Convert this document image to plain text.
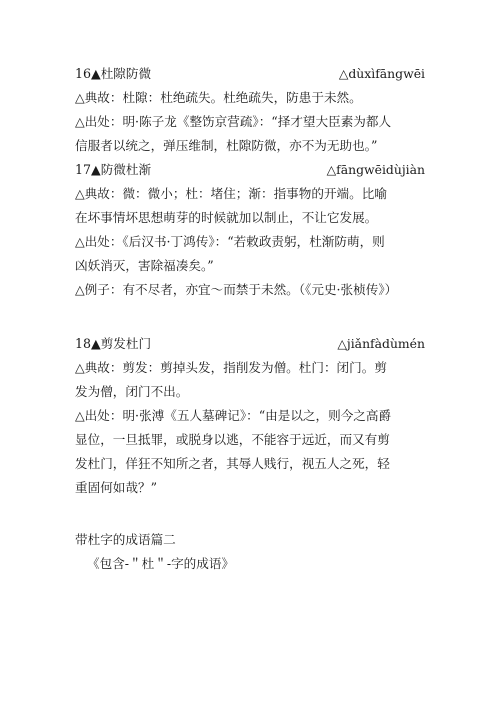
16▲杜隙防微	△dùxìfāngwēi
△典故：杜隙：杜绝疏失。杜绝疏失，防患于未然。
△出处：明·陈子龙《整饬京营疏》：“择才望大臣素为都人
信服者以统之，弹压维制，杜隙防微，亦不为无助也。”
17▲防微杜渐	△fāngwēidùjiàn
△典故：微：微小；杜：堵住；渐：指事物的开端。比喻
在坏事情坏思想萌芽的时候就加以制止，不让它发展。
△出处：《后汉书·丁鸿传》：“若敕政责躬，杜渐防萌，则
凶妖消灭，害除福凑矣。”
△例子：有不尽者，亦宜～而禁于未然。（《元史·张桢传》）
18▲剪发杜门	△jiǎnfàdùmén
△典故：剪发：剪掉头发，指削发为僧。杜门：闭门。剪
发为僧，闭门不出。
△出处：明·张溥《五人墓碑记》：“由是以之，则今之高爵
显位，一旦抵罪，或脱身以逃，不能容于远近，而又有剪
发杜门，佯狂不知所之者，其辱人贱行，视五人之死，轻
重固何如哉？”
带杜字的成语篇二
《包含-＂杜＂-字的成语》
